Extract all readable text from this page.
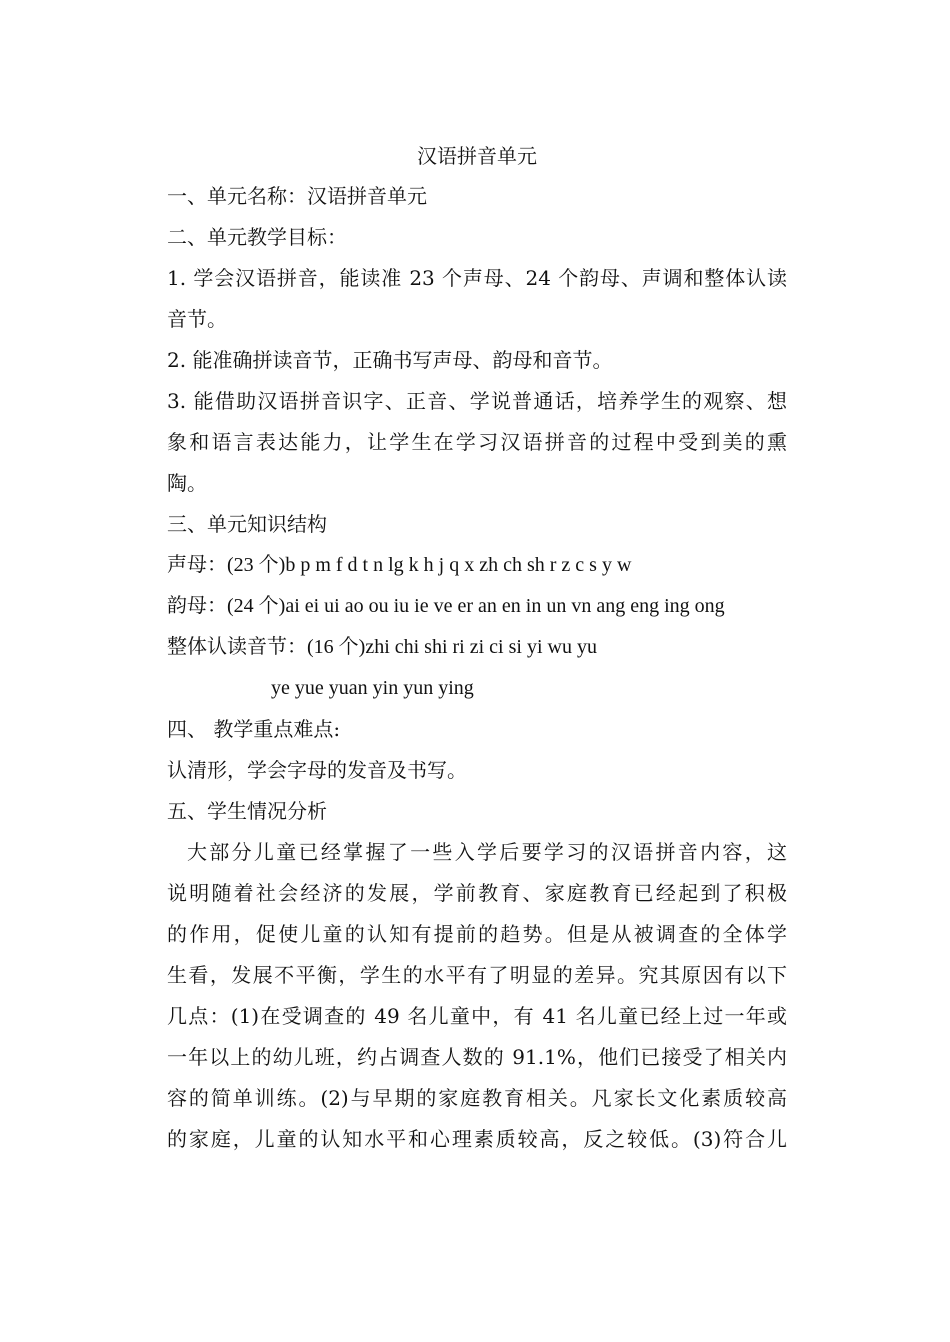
汉语拼音单元
一、单元名称：汉语拼音单元
二、单元教学目标：
1. 学会汉语拼音，能读准 23 个声母、24 个韵母、声调和整体认读
音节。
2. 能准确拼读音节，正确书写声母、韵母和音节。
3. 能借助汉语拼音识字、正音、学说普通话，培养学生的观察、想
象和语言表达能力，让学生在学习汉语拼音的过程中受到美的熏
陶。
三、单元知识结构
声母：(23 个)b p m f d t n lg k h j q x zh ch sh r z c s y w
韵母：(24 个)ai ei ui ao ou iu ie ve er an en in un vn ang eng ing ong
整体认读音节：(16 个)zhi chi shi ri zi ci si yi wu yu
ye yue yuan yin yun ying
四、 教学重点难点:
认清形，学会字母的发音及书写。
五、学生情况分析
大部分儿童已经掌握了一些入学后要学习的汉语拼音内容，这
说明随着社会经济的发展，学前教育、家庭教育已经起到了积极
的作用，促使儿童的认知有提前的趋势。但是从被调查的全体学
生看，发展不平衡，学生的水平有了明显的差异。究其原因有以下
几点：(1)在受调查的 49 名儿童中，有 41 名儿童已经上过一年或
一年以上的幼儿班，约占调查人数的 91.1%，他们已接受了相关内
容的简单训练。(2)与早期的家庭教育相关。凡家长文化素质较高
的家庭，儿童的认知水平和心理素质较高，反之较低。(3)符合儿
